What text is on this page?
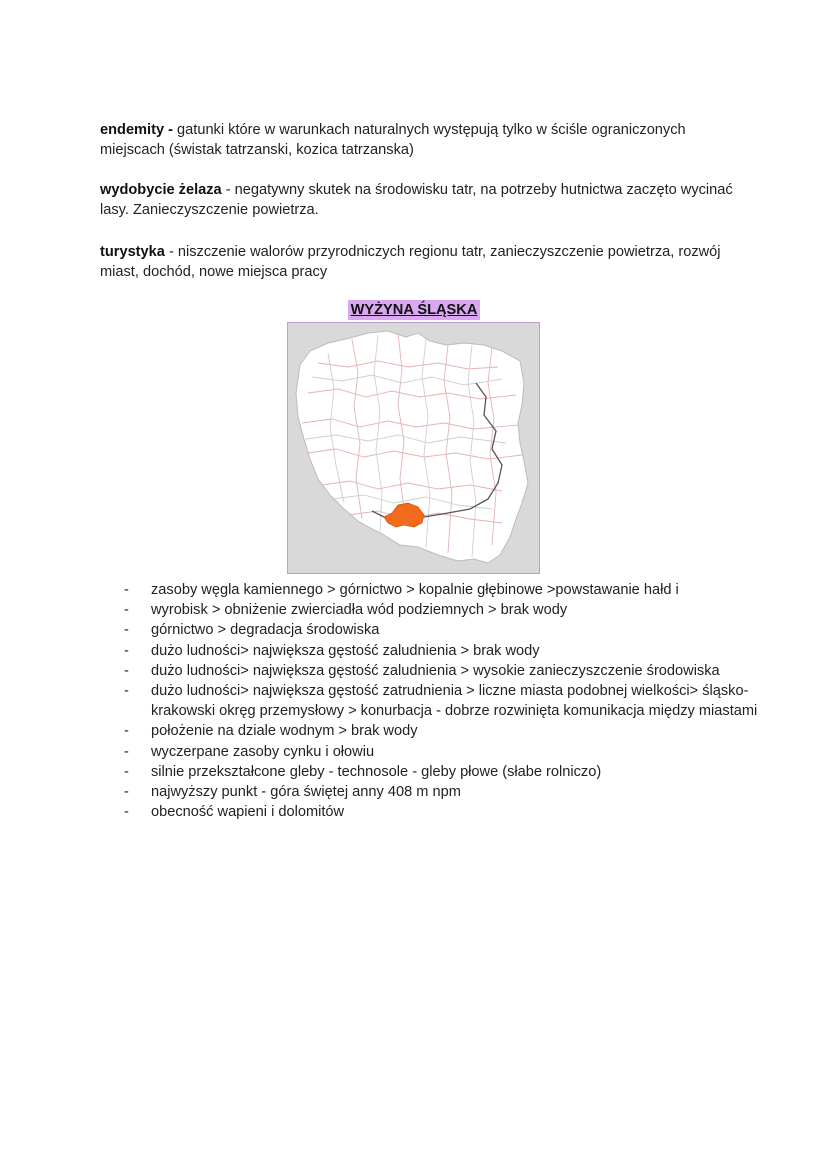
endemity - gatunki które w warunkach naturalnych występują tylko w ściśle ograniczonych miejscach (świstak tatrzanski, kozica tatrzanska)

wydobycie żelaza - negatywny skutek na środowisku tatr, na potrzeby hutnictwa zaczęto wycinać lasy. Zanieczyszczenie powietrza.

turystyka - niszczenie walorów przyrodniczych regionu tatr, zanieczyszczenie powietrza, rozwój miast, dochód, nowe miejsca pracy

WYŻYNA ŚLĄSKA
- zasoby węgla kamiennego > górnictwo > kopalnie głębinowe >powstawanie hałd i
- wyrobisk > obniżenie zwierciadła wód podziemnych > brak wody
- górnictwo > degradacja środowiska
- dużo ludności> największa gęstość zaludnienia > brak wody
- dużo ludności> największa gęstość zaludnienia > wysokie zanieczyszczenie środowiska
- dużo ludności> największa gęstość zatrudnienia > liczne miasta podobnej wielkości> śląsko-krakowski okręg przemysłowy > konurbacja - dobrze rozwinięta komunikacja między miastami
- położenie na dziale wodnym > brak wody
- wyczerpane zasoby cynku i ołowiu
- silnie przekształcone gleby - technosole - gleby płowe (słabe rolniczo)
- najwyższy punkt - góra świętej anny 408 m npm
- obecność wapieni i dolomitów
